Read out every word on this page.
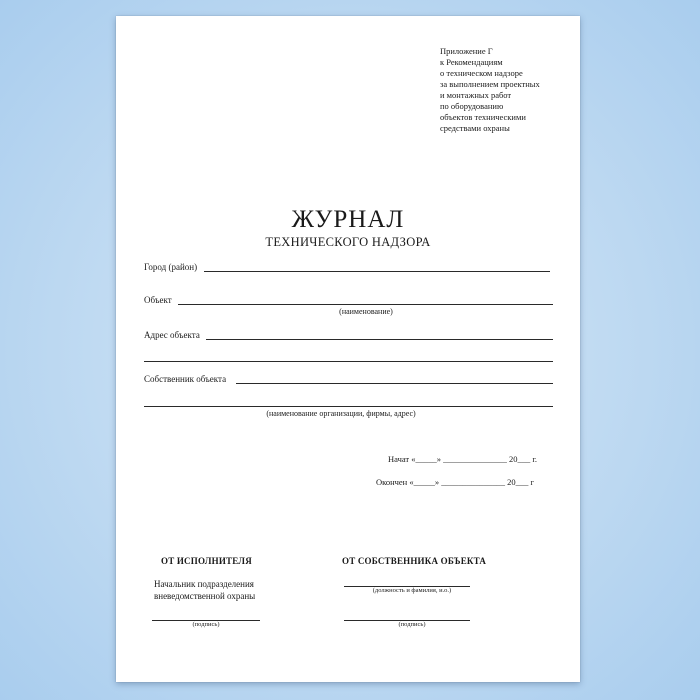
Приложение Г
к Рекомендациям
о техническом надзоре
за выполнением проектных
и монтажных работ
по оборудованию
объектов техническими
средствами охраны
ЖУРНАЛ
ТЕХНИЧЕСКОГО НАДЗОРА
Город (район)
Объект
(наименование)
Адрес объекта
Собственник объекта
(наименование организации, фирмы, адрес)
Начат «_____» _______________ 20___ г.
Окончен «_____» _______________ 20___ г
ОТ ИСПОЛНИТЕЛЯ	ОТ СОБСТВЕННИКА ОБЪЕКТА
Начальник подразделения
вневедомственной охраны
(подпись)
(должность и фамилия, и.о.)
(подпись)
